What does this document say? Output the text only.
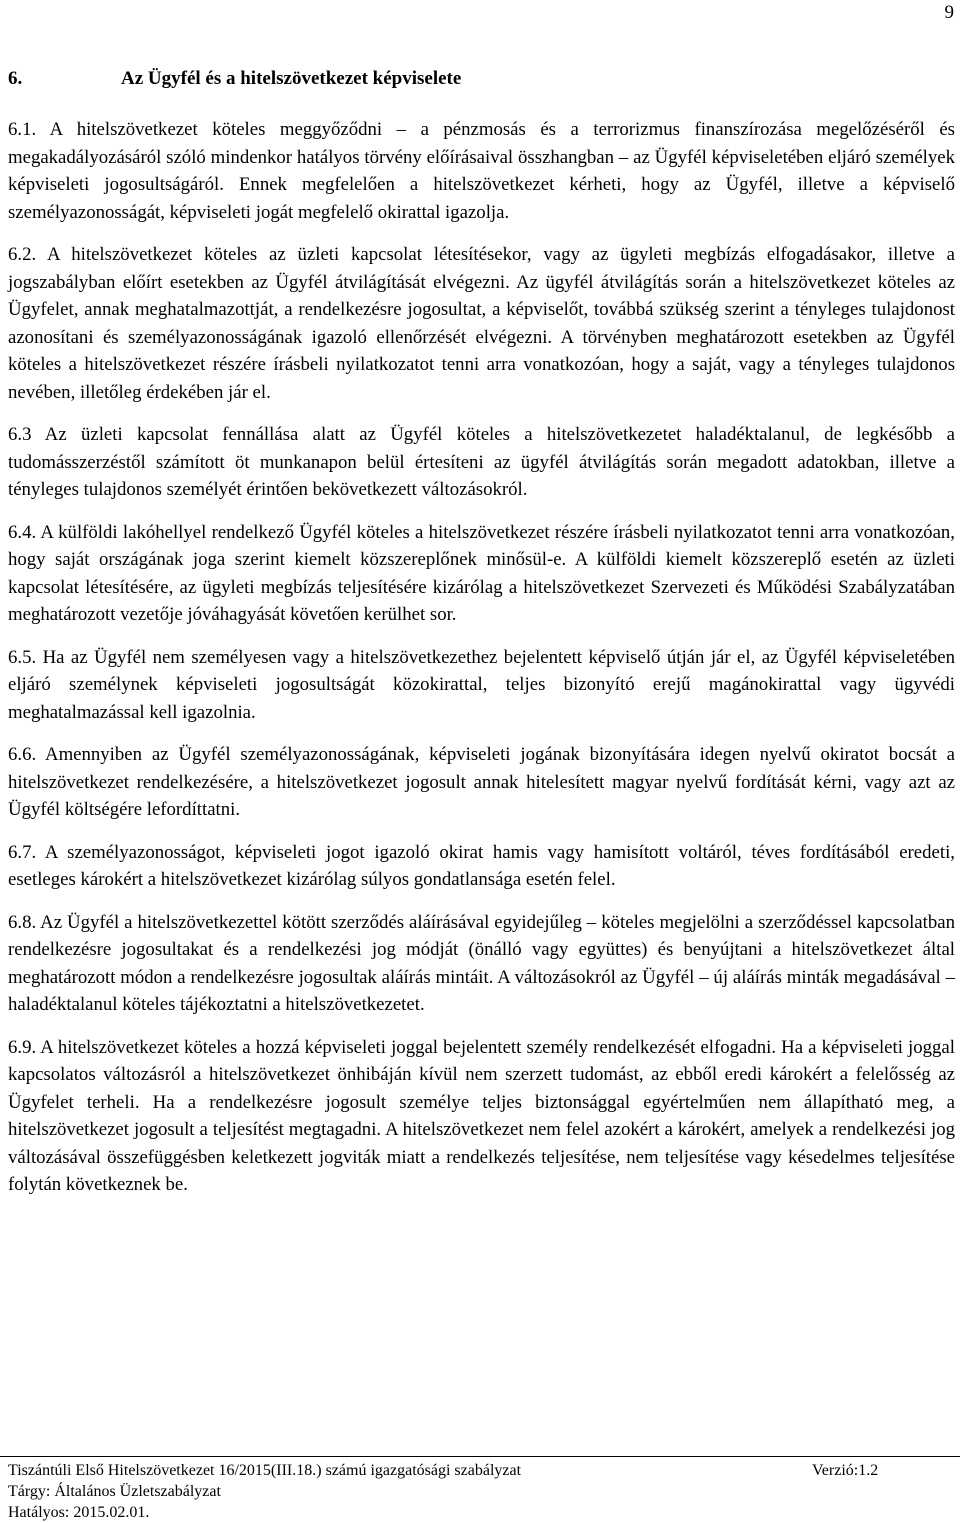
9
6.	Az Ügyfél és a hitelszövetkezet képviselete

6.1. A hitelszövetkezet köteles meggyőződni – a pénzmosás és a terrorizmus finanszírozása megelőzéséről és megakadályozásáról szóló mindenkor hatályos törvény előírásaival összhangban – az Ügyfél képviseletében eljáró személyek képviseleti jogosultságáról. Ennek megfelelően a hitelszövetkezet kérheti, hogy az Ügyfél, illetve a képviselő személyazonosságát, képviseleti jogát megfelelő okirattal igazolja.

6.2. A hitelszövetkezet köteles az üzleti kapcsolat létesítésekor, vagy az ügyleti megbízás elfogadásakor, illetve a jogszabályban előírt esetekben az Ügyfél átvilágítását elvégezni. Az ügyfél átvilágítás során a hitelszövetkezet köteles az Ügyfelet, annak meghatalmazottját, a rendelkezésre jogosultat, a képviselőt, továbbá szükség szerint a tényleges tulajdonost azonosítani és személyazonosságának igazoló ellenőrzését elvégezni. A törvényben meghatározott esetekben az Ügyfél köteles a hitelszövetkezet részére írásbeli nyilatkozatot tenni arra vonatkozóan, hogy a saját, vagy a tényleges tulajdonos nevében, illetőleg érdekében jár el.

6.3 Az üzleti kapcsolat fennállása alatt az Ügyfél köteles a hitelszövetkezetet haladéktalanul, de legkésőbb a tudomásszerzéstől számított öt munkanapon belül értesíteni az ügyfél átvilágítás során megadott adatokban, illetve a tényleges tulajdonos személyét érintően bekövetkezett változásokról.

6.4. A külföldi lakóhellyel rendelkező Ügyfél köteles a hitelszövetkezet részére írásbeli nyilatkozatot tenni arra vonatkozóan, hogy saját országának joga szerint kiemelt közszereplőnek minősül-e. A külföldi kiemelt közszereplő esetén az üzleti kapcsolat létesítésére, az ügyleti megbízás teljesítésére kizárólag a hitelszövetkezet Szervezeti és Működési Szabályzatában meghatározott vezetője jóváhagyását követően kerülhet sor.

6.5. Ha az Ügyfél nem személyesen vagy a hitelszövetkezethez bejelentett képviselő útján jár el, az Ügyfél képviseletében eljáró személynek képviseleti jogosultságát közokirattal, teljes bizonyító erejű magánokirattal vagy ügyvédi meghatalmazással kell igazolnia.

6.6. Amennyiben az Ügyfél személyazonosságának, képviseleti jogának bizonyítására idegen nyelvű okiratot bocsát a hitelszövetkezet rendelkezésére, a hitelszövetkezet jogosult annak hitelesített magyar nyelvű fordítását kérni, vagy azt az Ügyfél költségére lefordíttatni.

6.7. A személyazonosságot, képviseleti jogot igazoló okirat hamis vagy hamisított voltáról, téves fordításából eredeti, esetleges károkért a hitelszövetkezet kizárólag súlyos gondatlansága esetén felel.

6.8. Az Ügyfél a hitelszövetkezettel kötött szerződés aláírásával egyidejűleg – köteles megjelölni a szerződéssel kapcsolatban rendelkezésre jogosultakat és a rendelkezési jog módját (önálló vagy együttes) és benyújtani a hitelszövetkezet által meghatározott módon a rendelkezésre jogosultak aláírás mintáit. A változásokról az Ügyfél – új aláírás minták megadásával – haladéktalanul köteles tájékoztatni a hitelszövetkezetet.

6.9. A hitelszövetkezet köteles a hozzá képviseleti joggal bejelentett személy rendelkezését elfogadni. Ha a képviseleti joggal kapcsolatos változásról a hitelszövetkezet önhibáján kívül nem szerzett tudomást, az ebből eredi károkért a felelősség az Ügyfelet terheli. Ha a rendelkezésre jogosult személye teljes biztonsággal egyértelműen nem állapítható meg, a hitelszövetkezet jogosult a teljesítést megtagadni. A hitelszövetkezet nem felel azokért a károkért, amelyek a rendelkezési jog változásával összefüggésben keletkezett jogviták miatt a rendelkezés teljesítése, nem teljesítése vagy késedelmes teljesítése folytán következnek be.

Tiszántúli Első Hitelszövetkezet 16/2015(III.18.) számú igazgatósági szabályzat	Verzió:1.2
Tárgy: Általános Üzletszabályzat
Hatályos: 2015.02.01.
